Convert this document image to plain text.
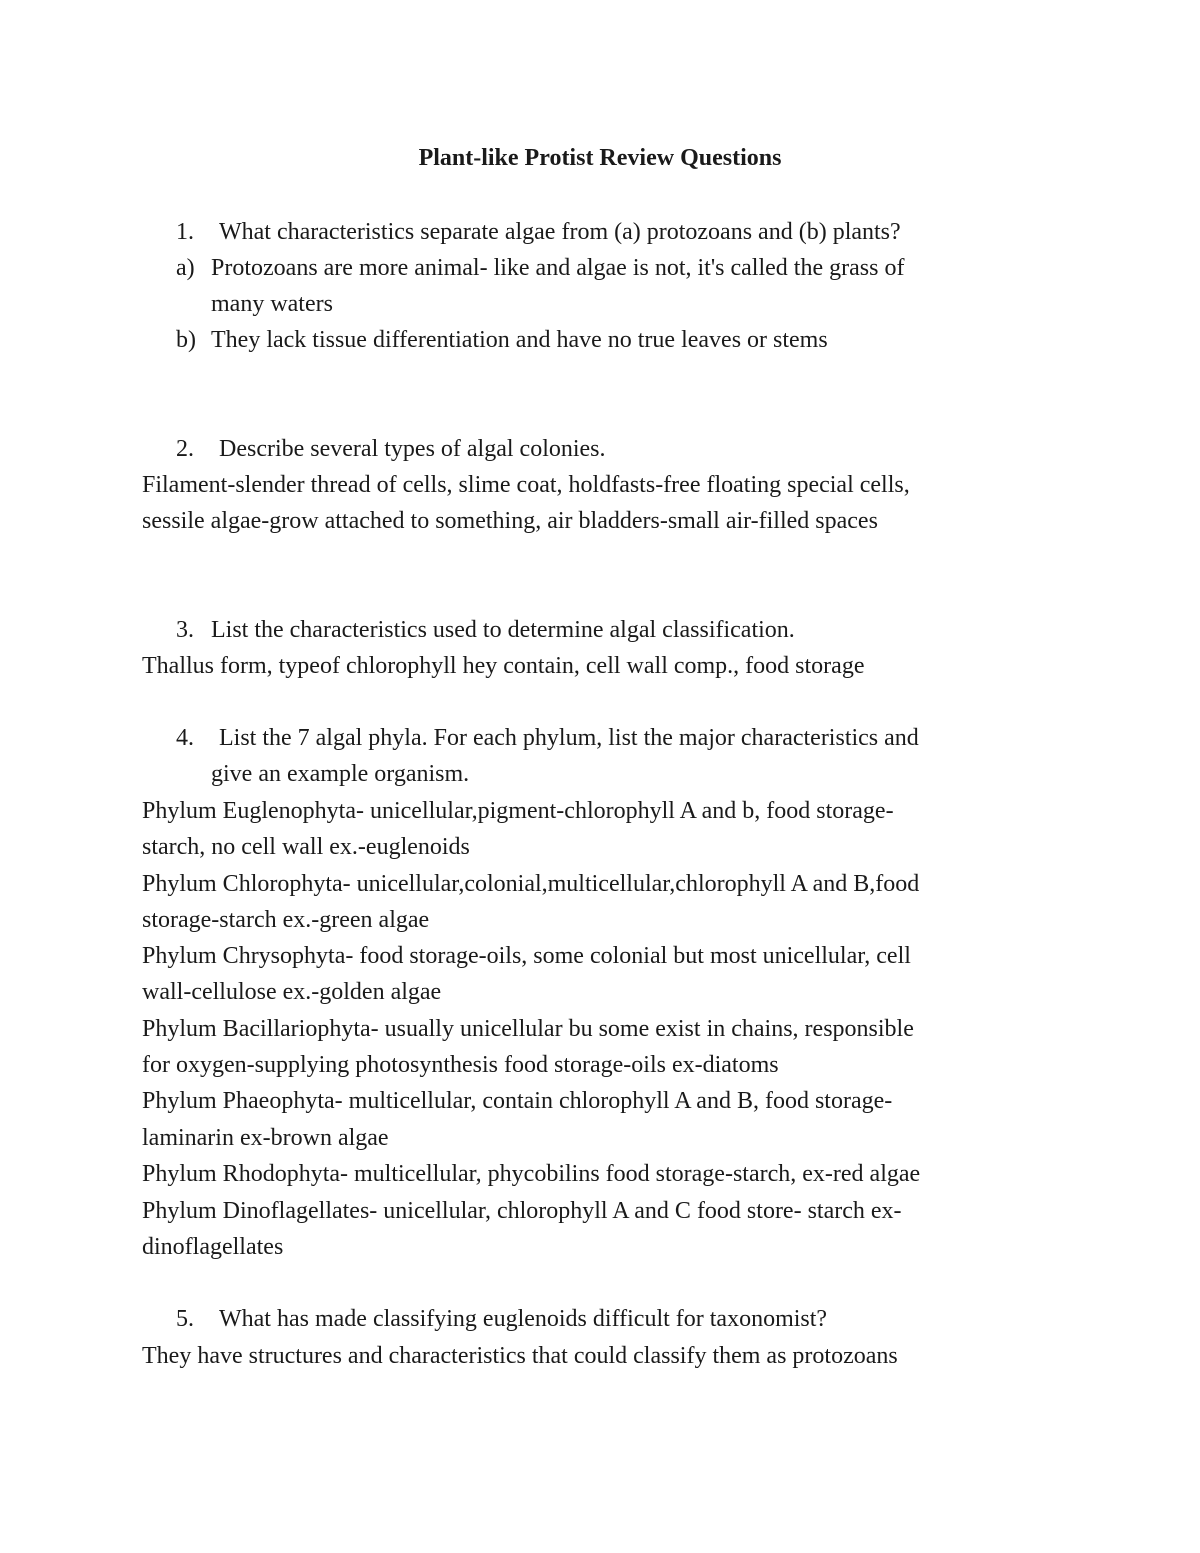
Plant-like Protist Review Questions
1. What characteristics separate algae from (a) protozoans and (b) plants?
a) Protozoans are more animal- like and algae is not, it's called the grass of
many waters
b) They lack tissue differentiation and have no true leaves or stems
2. Describe several types of algal colonies.
Filament-slender thread of cells, slime coat, holdfasts-free floating special cells,
sessile algae-grow attached to something, air bladders-small air-filled spaces
3. List the characteristics used to determine algal classification.
Thallus form, typeof chlorophyll hey contain, cell wall comp., food storage
4. List the 7 algal phyla. For each phylum, list the major characteristics and
give an example organism.
Phylum Euglenophyta- unicellular,pigment-chlorophyll A and b, food storage-
starch, no cell wall ex.-euglenoids
Phylum Chlorophyta- unicellular,colonial,multicellular,chlorophyll A and B,food
storage-starch ex.-green algae
Phylum Chrysophyta- food storage-oils, some colonial but most unicellular, cell
wall-cellulose ex.-golden algae
Phylum Bacillariophyta- usually unicellular bu some exist in chains, responsible
for oxygen-supplying photosynthesis food storage-oils ex-diatoms
Phylum Phaeophyta- multicellular, contain chlorophyll A and B, food storage-
laminarin ex-brown algae
Phylum Rhodophyta- multicellular, phycobilins food storage-starch, ex-red algae
Phylum Dinoflagellates- unicellular, chlorophyll A and C food store- starch ex-
dinoflagellates
5. What has made classifying euglenoids difficult for taxonomist?
They have structures and characteristics that could classify them as protozoans
